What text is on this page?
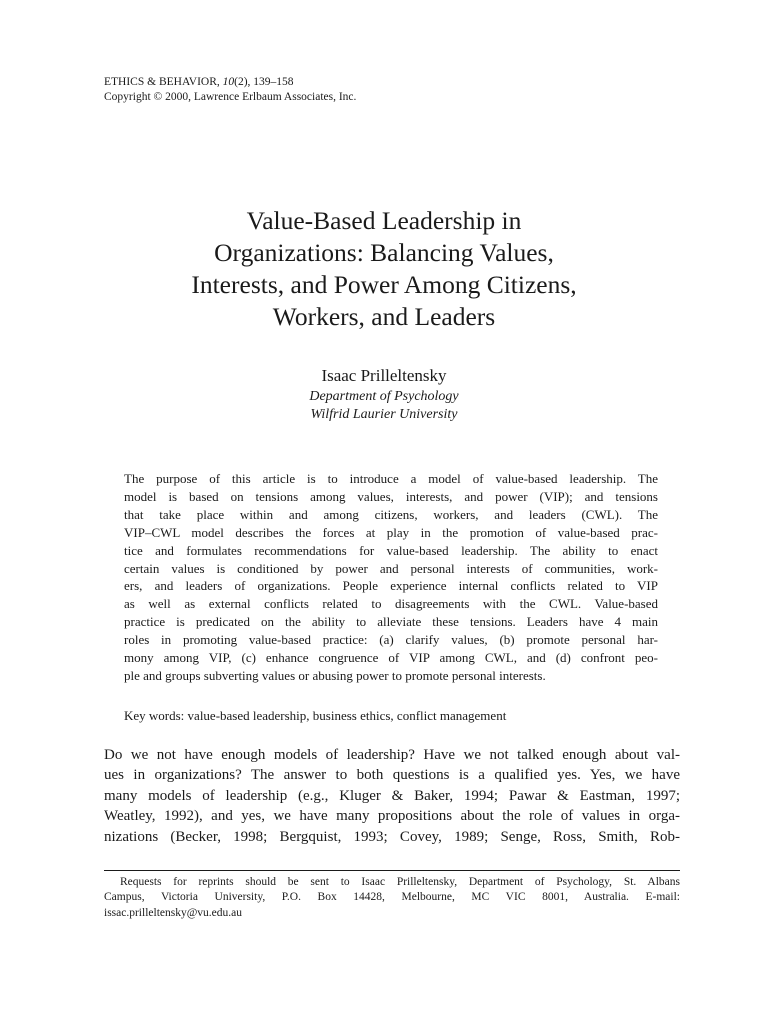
ETHICS & BEHAVIOR, 10(2), 139–158
Copyright © 2000, Lawrence Erlbaum Associates, Inc.
Value-Based Leadership in
Organizations: Balancing Values,
Interests, and Power Among Citizens,
Workers, and Leaders
Isaac Prilleltensky
Department of Psychology
Wilfrid Laurier University

The purpose of this article is to introduce a model of value-based leadership. The
model is based on tensions among values, interests, and power (VIP); and tensions
that take place within and among citizens, workers, and leaders (CWL). The
VIP–CWL model describes the forces at play in the promotion of value-based prac-
tice and formulates recommendations for value-based leadership. The ability to enact
certain values is conditioned by power and personal interests of communities, work-
ers, and leaders of organizations. People experience internal conflicts related to VIP
as well as external conflicts related to disagreements with the CWL. Value-based
practice is predicated on the ability to alleviate these tensions. Leaders have 4 main
roles in promoting value-based practice: (a) clarify values, (b) promote personal har-
mony among VIP, (c) enhance congruence of VIP among CWL, and (d) confront peo-
ple and groups subverting values or abusing power to promote personal interests.

Key words: value-based leadership, business ethics, conflict management

Do we not have enough models of leadership? Have we not talked enough about val-
ues in organizations? The answer to both questions is a qualified yes. Yes, we have
many models of leadership (e.g., Kluger & Baker, 1994; Pawar & Eastman, 1997;
Weatley, 1992), and yes, we have many propositions about the role of values in orga-
nizations (Becker, 1998; Bergquist, 1993; Covey, 1989; Senge, Ross, Smith, Rob-

Requests for reprints should be sent to Isaac Prilleltensky, Department of Psychology, St. Albans
Campus, Victoria University, P.O. Box 14428, Melbourne, MC VIC 8001, Australia. E-mail:
issac.prilleltensky@vu.edu.au
